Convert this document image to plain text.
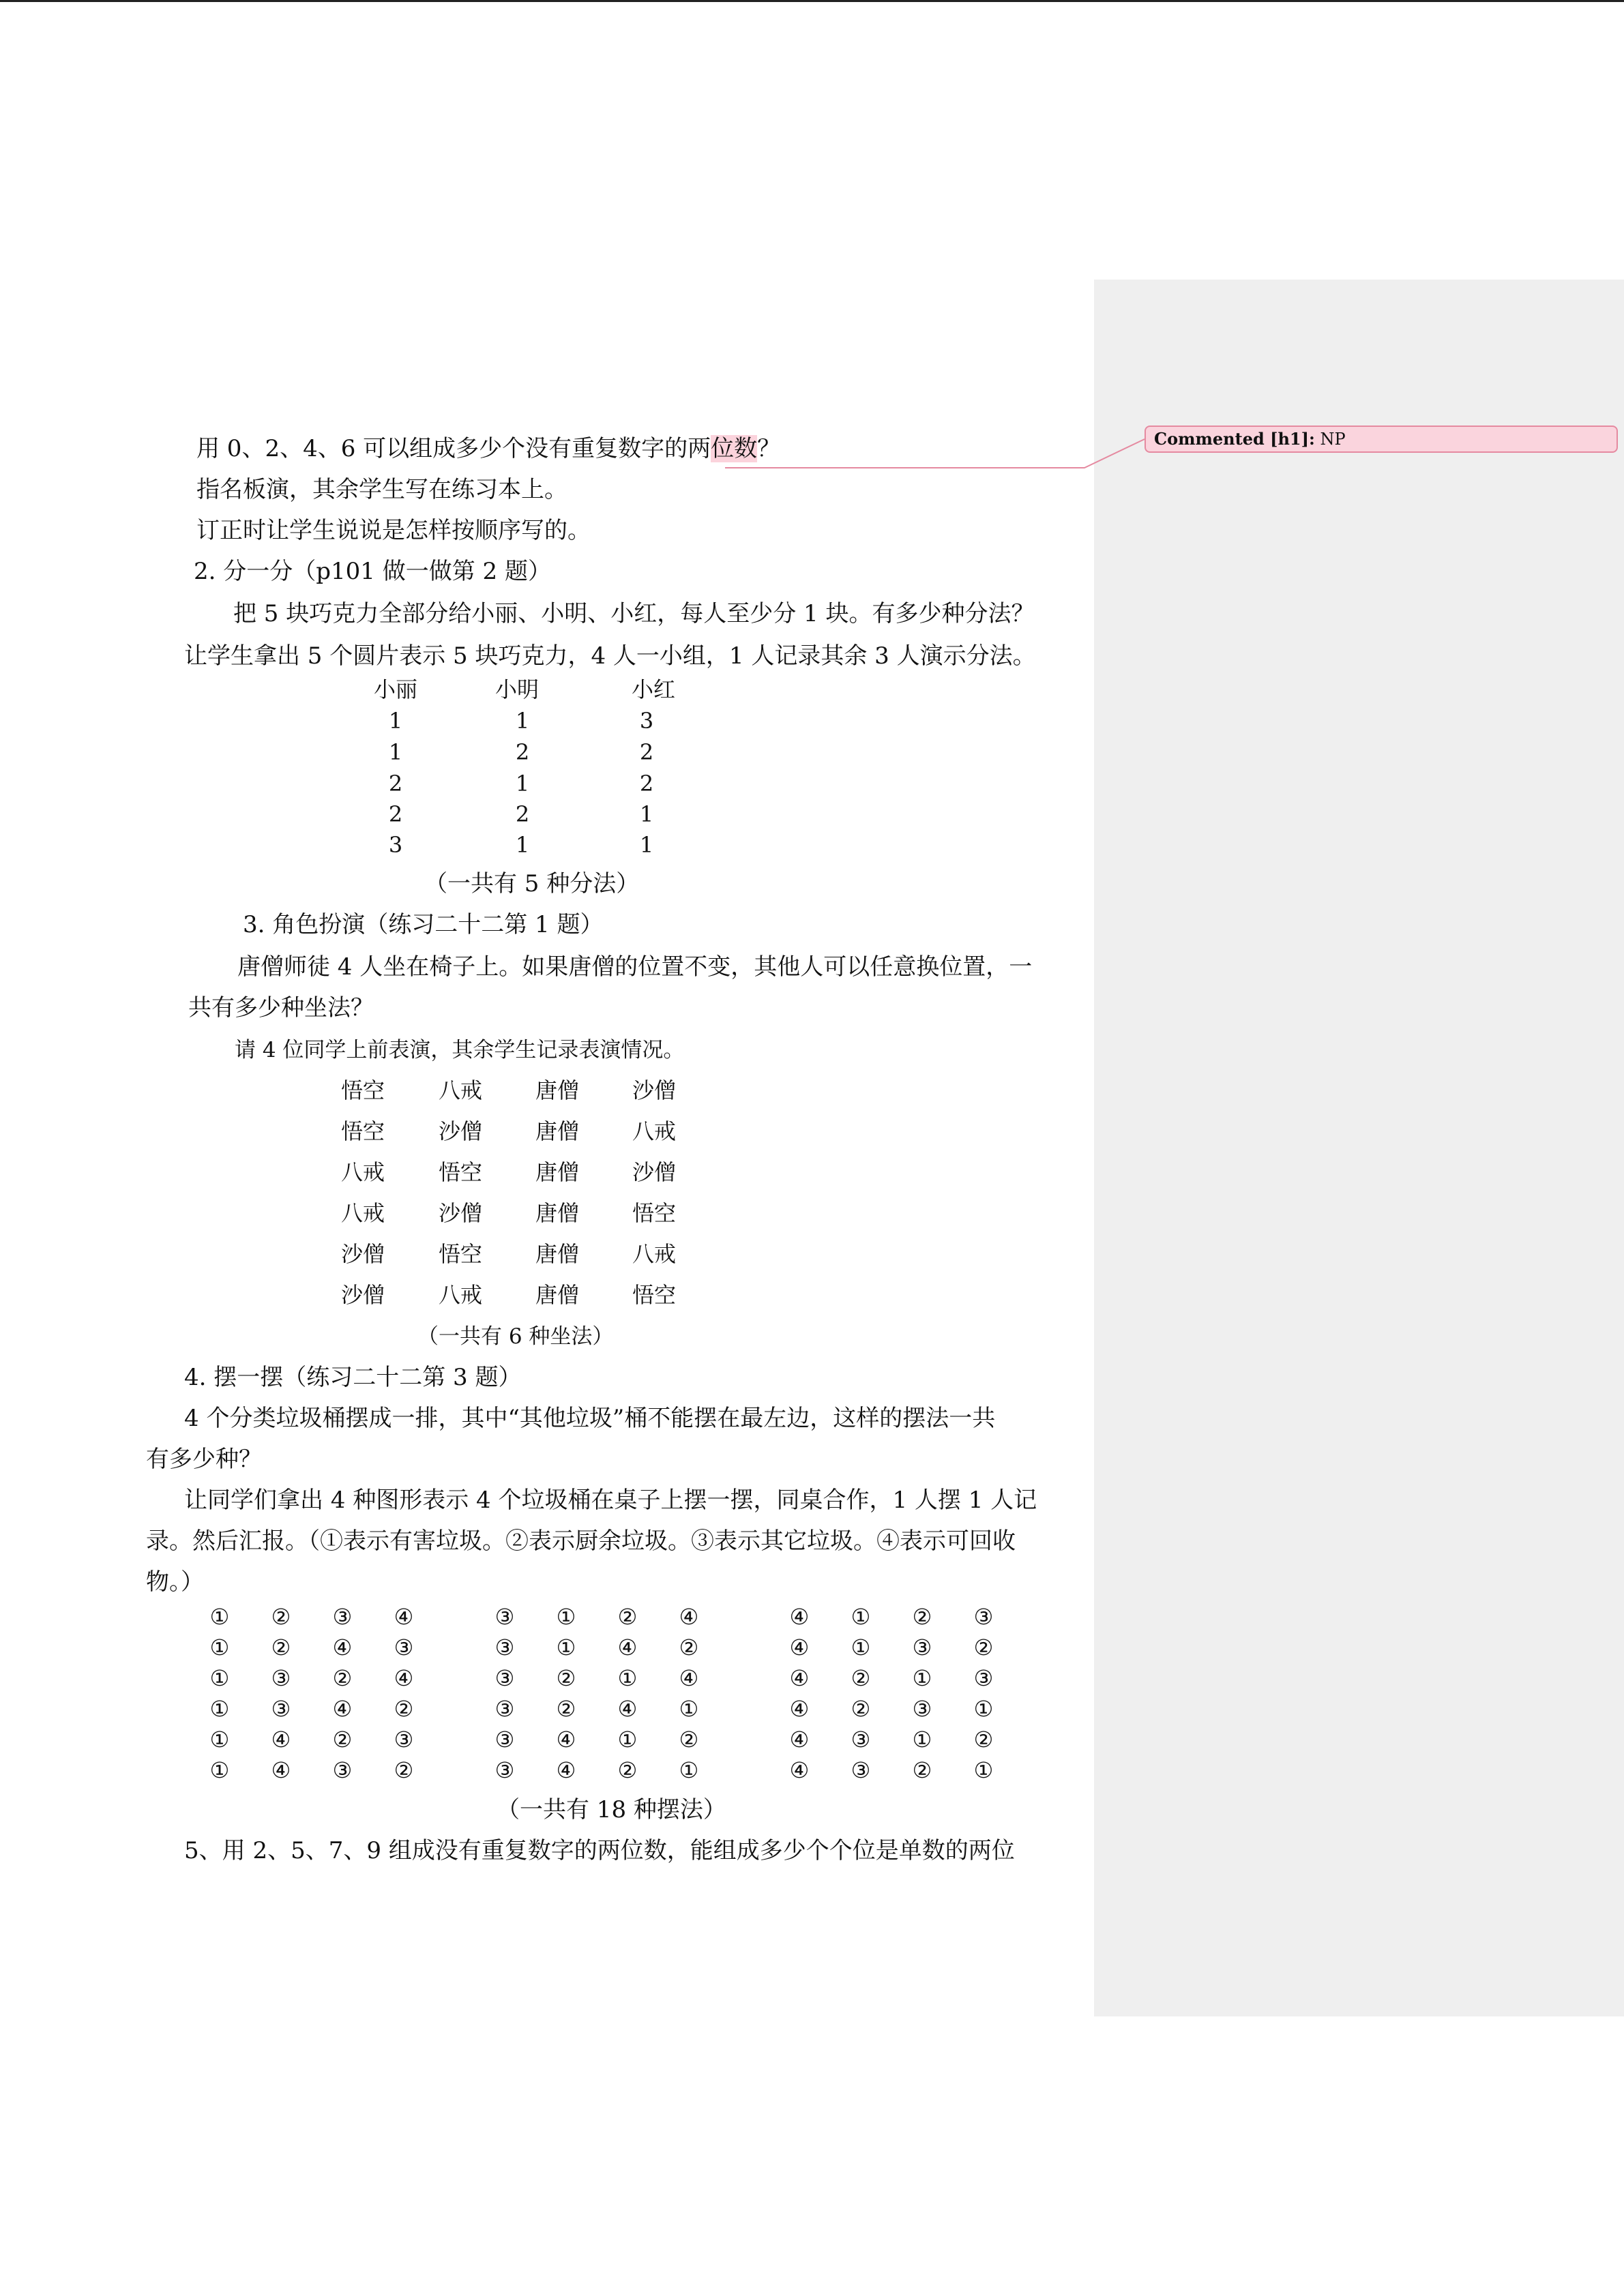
Commented [h1]: NP
用 0、2、4、6 可以组成多少个没有重复数字的两位数？
指名板演，其余学生写在练习本上。
订正时让学生说说是怎样按顺序写的。
2. 分一分（p101 做一做第 2 题）
把 5 块巧克力全部分给小丽、小明、小红，每人至少分 1 块。有多少种分法？
让学生拿出 5 个圆片表示 5 块巧克力，4 人一小组，1 人记录其余 3 人演示分法。
小丽	小明	小红
1	1	3
1	2	2
2	1	2
2	2	1
3	1	1
（一共有 5 种分法）
3. 角色扮演（练习二十二第 1 题）
唐僧师徒 4 人坐在椅子上。如果唐僧的位置不变，其他人可以任意换位置，一
共有多少种坐法？
请 4 位同学上前表演，其余学生记录表演情况。
悟空	八戒	唐僧	沙僧
悟空	沙僧	唐僧	八戒
八戒	悟空	唐僧	沙僧
八戒	沙僧	唐僧	悟空
沙僧	悟空	唐僧	八戒
沙僧	八戒	唐僧	悟空
（一共有 6 种坐法）
4. 摆一摆（练习二十二第 3 题）
4 个分类垃圾桶摆成一排，其中“其他垃圾”桶不能摆在最左边，这样的摆法一共
有多少种？
让同学们拿出 4 种图形表示 4 个垃圾桶在桌子上摆一摆，同桌合作，1 人摆 1 人记
录。然后汇报。（①表示有害垃圾。②表示厨余垃圾。③表示其它垃圾。④表示可回收
物。）
① ② ③ ④
① ② ④ ③
① ③ ② ④
① ③ ④ ②
① ④ ② ③
① ④ ③ ②
③ ① ② ④
③ ① ④ ②
③ ② ① ④
③ ② ④ ①
③ ④ ① ②
③ ④ ② ①
④ ① ② ③
④ ① ③ ②
④ ② ① ③
④ ② ③ ①
④ ③ ① ②
④ ③ ② ①
（一共有 18 种摆法）
5、用 2、5、7、9 组成没有重复数字的两位数，能组成多少个个位是单数的两位
